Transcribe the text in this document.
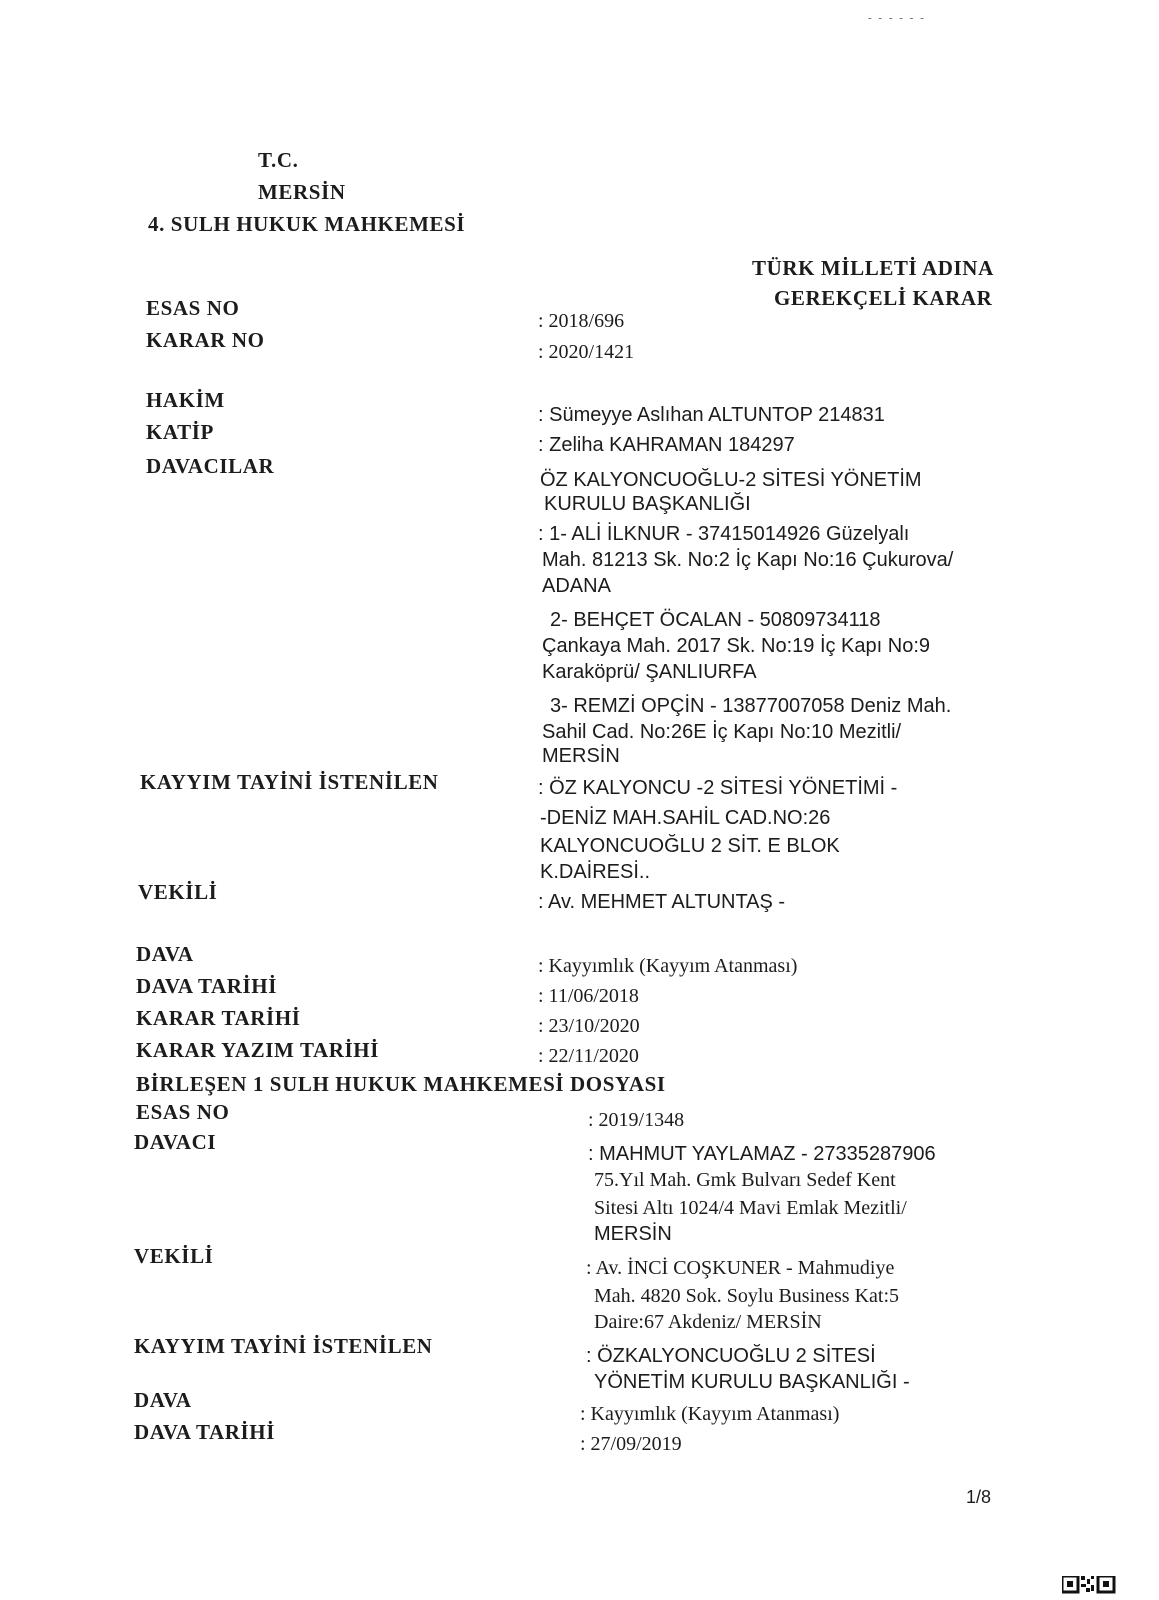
- - - - - -
T.C.
MERSİN
4. SULH HUKUK MAHKEMESİ
TÜRK MİLLETİ ADINA
GEREKÇELİ KARAR
ESAS NO
: 2018/696
KARAR NO	: 2020/1421
HAKİM
: Sümeyye Aslıhan ALTUNTOP 214831
KATİP
: Zeliha KAHRAMAN 184297
DAVACILAR
ÖZ KALYONCUOĞLU-2 SİTESİ YÖNETİM
KURULU BAŞKANLIĞI
: 1- ALİ İLKNUR - 37415014926 Güzelyalı
Mah. 81213 Sk. No:2 İç Kapı No:16 Çukurova/
ADANA
2- BEHÇET ÖCALAN - 50809734118
Çankaya Mah. 2017 Sk. No:19 İç Kapı No:9
Karaköprü/ ŞANLIURFA
3- REMZİ OPÇİN - 13877007058 Deniz Mah.
Sahil Cad. No:26E İç Kapı No:10 Mezitli/
MERSİN
KAYYIM TAYİNİ İSTENİLEN	: ÖZ KALYONCU -2 SİTESİ YÖNETİMİ -
-DENİZ MAH.SAHİL CAD.NO:26
KALYONCUOĞLU 2 SİT. E BLOK
K.DAİRESİ..
VEKİLİ	: Av. MEHMET ALTUNTAŞ -
DAVA	: Kayyımlık (Kayyım Atanması)
DAVA TARİHİ	: 11/06/2018
KARAR TARİHİ	: 23/10/2020
KARAR YAZIM TARİHİ	: 22/11/2020
BİRLEŞEN 1 SULH HUKUK MAHKEMESİ DOSYASI
ESAS NO	: 2019/1348
DAVACI	: MAHMUT YAYLAMAZ - 27335287906
75.Yıl Mah. Gmk Bulvarı Sedef Kent
Sitesi Altı 1024/4 Mavi Emlak Mezitli/
MERSİN
VEKİLİ	: Av. İNCİ COŞKUNER - Mahmudiye
Mah. 4820 Sok. Soylu Business Kat:5
Daire:67 Akdeniz/ MERSİN
KAYYIM TAYİNİ İSTENİLEN	: ÖZKALYONCUOĞLU 2 SİTESİ
YÖNETİM KURULU BAŞKANLIĞI -
DAVA
: Kayyımlık (Kayyım Atanması)
DAVA TARİHİ	: 27/09/2019
1/8
